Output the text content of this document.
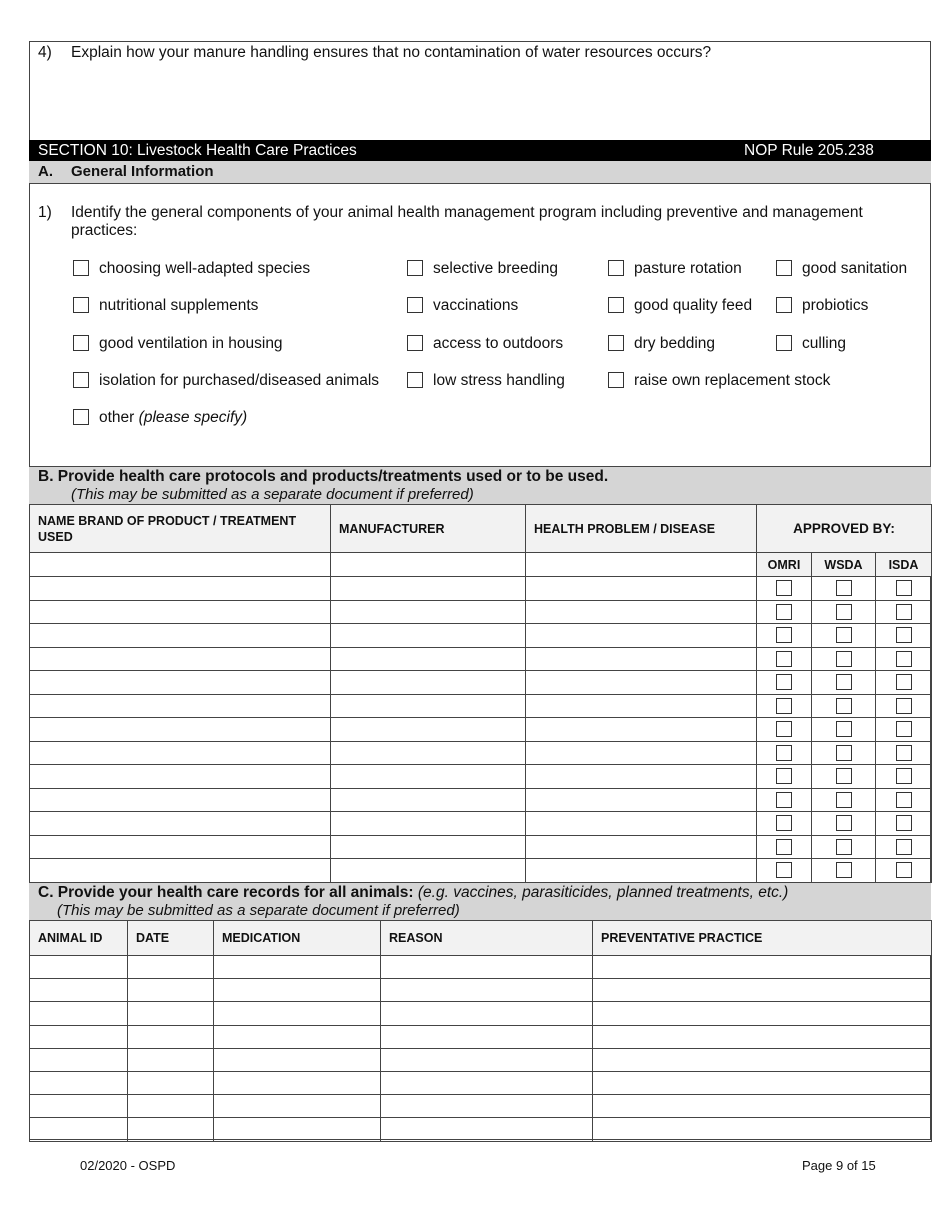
4) Explain how your manure handling ensures that no contamination of water resources occurs?
SECTION 10: Livestock Health Care Practices	NOP Rule 205.238
A. General Information
1) Identify the general components of your animal health management program including preventive and management practices:
choosing well-adapted species	selective breeding	pasture rotation	good sanitation
nutritional supplements	vaccinations	good quality feed	probiotics
good ventilation in housing	access to outdoors	dry bedding	culling
isolation for purchased/diseased animals	low stress handling	raise own replacement stock
other (please specify)
B. Provide health care protocols and products/treatments used or to be used.
(This may be submitted as a separate document if preferred)
NAME BRAND OF PRODUCT / TREATMENT USED	MANUFACTURER	HEALTH PROBLEM / DISEASE	APPROVED BY:		
			OMRI	WSDA	ISDA

C. Provide your health care records for all animals: (e.g. vaccines, parasiticides, planned treatments, etc.)
(This may be submitted as a separate document if preferred)
ANIMAL ID	DATE	MEDICATION	REASON	PREVENTATIVE PRACTICE

02/2020 - OSPD	Page 9 of 15
